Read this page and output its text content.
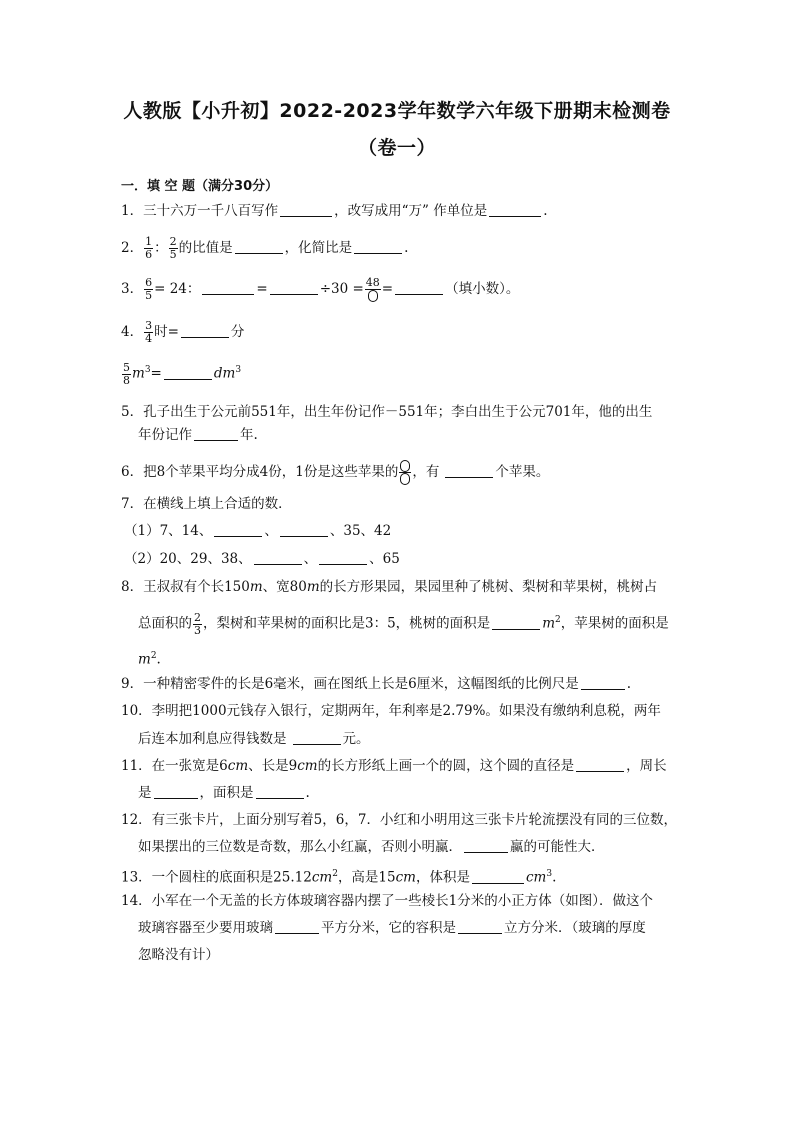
人教版【小升初】2022-2023学年数学六年级下册期末检测卷
（卷一）
一．填 空 题（满分30分）
1．三十六万一千八百写作	，改写成用“万” 作单位是	.
2． $\frac{1}{6}$ ： $\frac{2}{5}$ 的比值是	，化简比是	.
3． $\frac{6}{5} = 24$：	=	÷30 = 48 =	（填小数）。
4． $\frac{3}{4}$ 时=	分
$\frac{5}{8} m^3=$	$dm^3$
5．孔子出生于公元前551年，出生年份记作－551年；李白出生于公元701年，他的出生
年份记作	年.
6．把8个苹果平均分成4份，1份是这些苹果的 ，有	个苹果。
7．在横线上填上合适的数．
（1）7、14、	、	、35、42
（2）20、29、38、	、	、65
8．王叔叔有个长150m、宽80m的长方形果园，果园里种了桃树、梨树和苹果树，桃树占
总面积的 $\frac{2}{3}$ ，梨树和苹果树的面积比是3：5，桃树的面积是	$m^2$，苹果树的面积是
$m^2$.
9．一种精密零件的长是6毫米，画在图纸上长是6厘米，这幅图纸的比例尺是	.
10．李明把1000元钱存入银行，定期两年，年利率是2.79%。如果没有缴纳利息税，两年
后连本加利息应得钱数是	元。
11．在一张宽是6cm、长是9cm的长方形纸上画一个的圆，这个圆的直径是	，周长
是	，面积是	.
12．有三张卡片，上面分别写着5，6，7．小红和小明用这三张卡片轮流摆没有同的三位数，
如果摆出的三位数是奇数，那么小红赢，否则小明赢．	赢的可能性大．
13．一个圆柱的底面积是$25.12cm^2$，高是15cm，体积是	$cm^3$.
14．小军在一个无盖的长方体玻璃容器内摆了一些棱长1分米的小正方体（如图）．做这个
玻璃容器至少要用玻璃	平方分米，它的容积是	立方分米．（玻璃的厚度
忽略没有计）
